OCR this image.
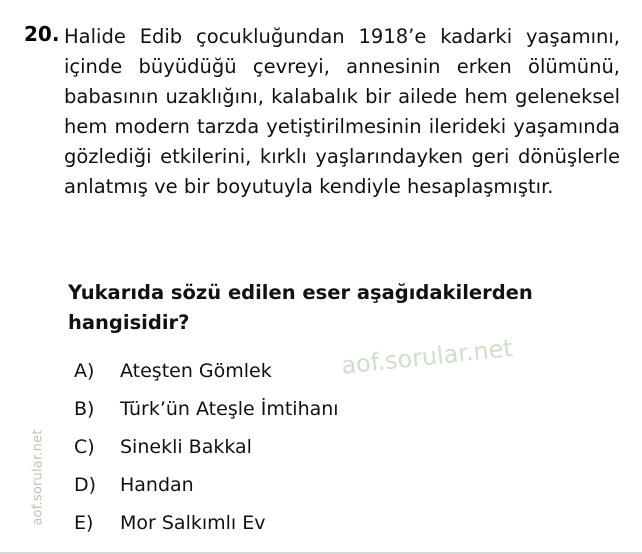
aof.sorular.net
20. Halide Edib çocukluğundan 1918’e kadarki yaşamını, içinde büyüdüğü çevreyi, annesinin erken ölümünü, babasının uzaklığını, kalabalık bir ailede hem geleneksel hem modern tarzda yetiştirilmesinin ilerideki yaşamında gözlediği etkilerini, kırklı yaşlarındayken geri dönüşlerle anlatmış ve bir boyutuyla kendiyle hesaplaşmıştır.
Yukarıda sözü edilen eser aşağıdakilerden
hangisidir?
aof.sorular.net
A)	Ateşten Gömlek
B)	Türk’ün Ateşle İmtihanı
C)	Sinekli Bakkal
D)	Handan
E)	Mor Salkımlı Ev
